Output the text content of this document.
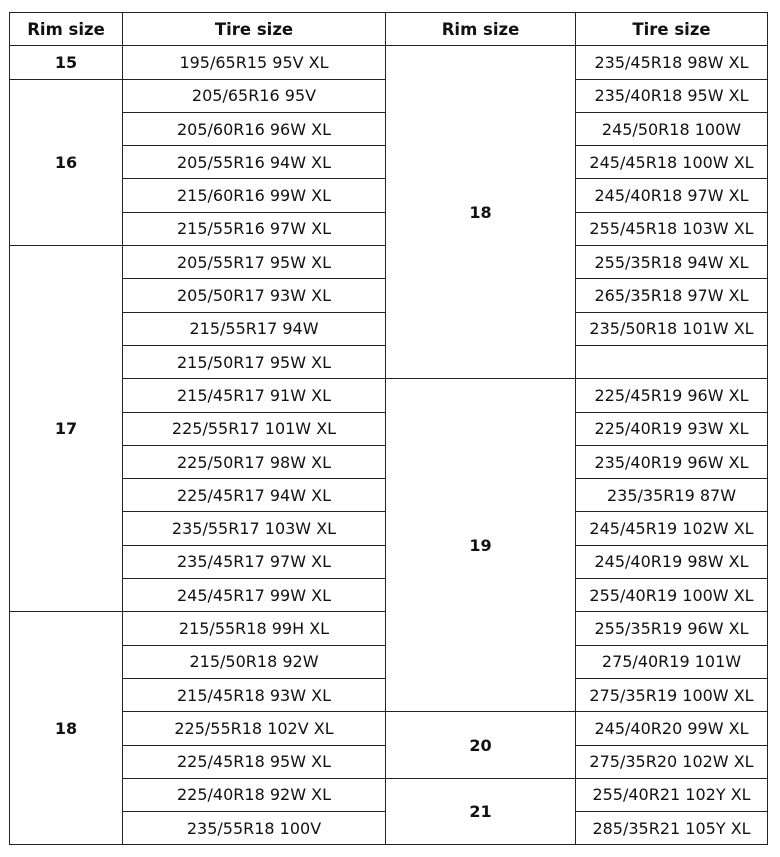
Rim size	Tire size	Rim size	Tire size
15	195/65R15 95V XL	18	235/45R18 98W XL
16	205/65R16 95V		235/40R18 95W XL
	205/60R16 96W XL		245/50R18 100W
	205/55R16 94W XL		245/45R18 100W XL
	215/60R16 99W XL		245/40R18 97W XL
	215/55R16 97W XL		255/45R18 103W XL
17	205/55R17 95W XL		255/35R18 94W XL
	205/50R17 93W XL		265/35R18 97W XL
	215/55R17 94W		235/50R18 101W XL
	215/50R17 95W XL		
	215/45R17 91W XL	19	225/45R19 96W XL
	225/55R17 101W XL		225/40R19 93W XL
	225/50R17 98W XL		235/40R19 96W XL
	225/45R17 94W XL		235/35R19 87W
	235/55R17 103W XL		245/45R19 102W XL
	235/45R17 97W XL		245/40R19 98W XL
	245/45R17 99W XL		255/40R19 100W XL
18	215/55R18 99H XL		255/35R19 96W XL
	215/50R18 92W		275/40R19 101W
	215/45R18 93W XL		275/35R19 100W XL
	225/55R18 102V XL	20	245/40R20 99W XL
	225/45R18 95W XL		275/35R20 102W XL
	225/40R18 92W XL	21	255/40R21 102Y XL
	235/55R18 100V		285/35R21 105Y XL
